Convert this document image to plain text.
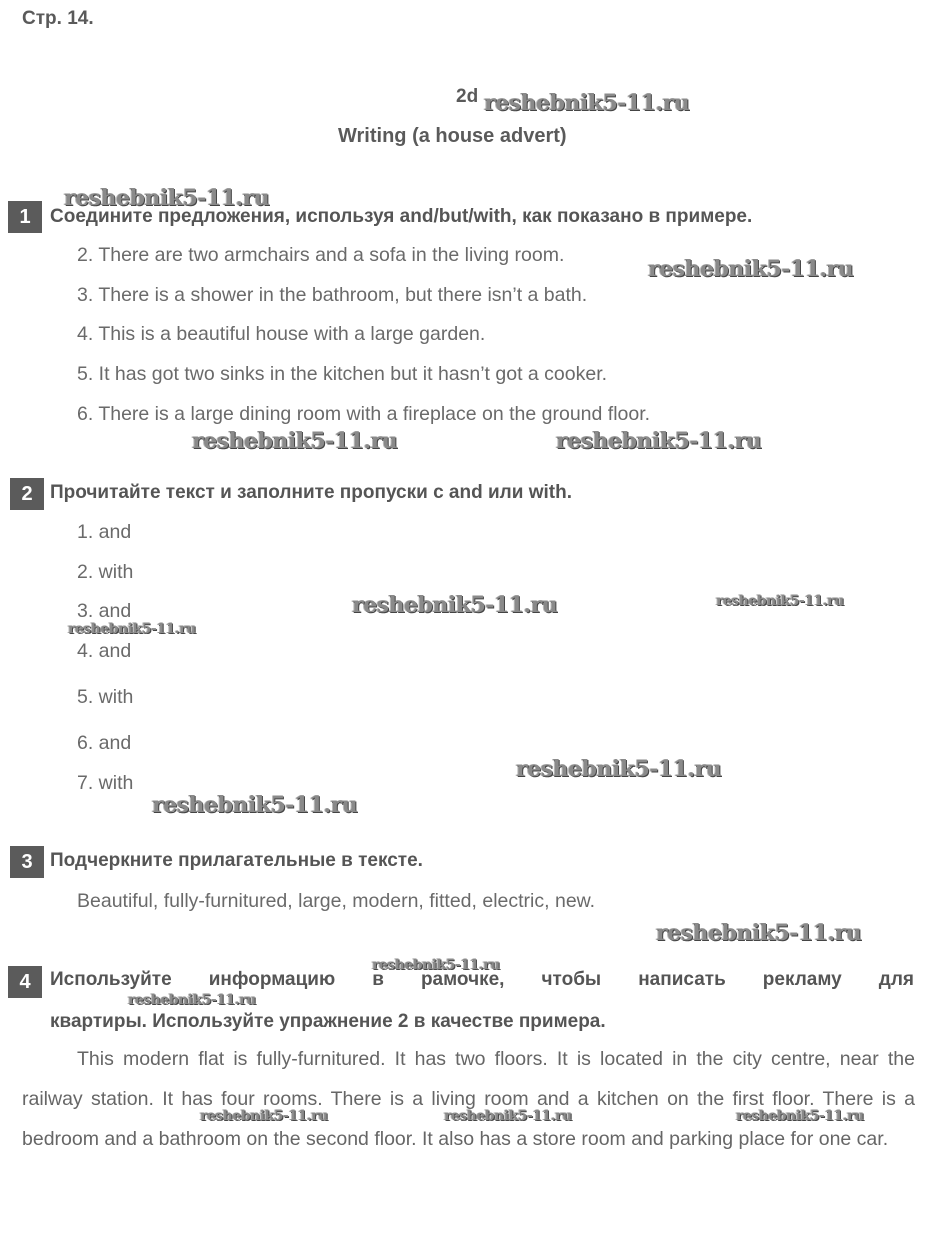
Стр. 14.
2d
Writing (a house advert)
1	Соедините предложения, используя and/but/with, как показано в примере.
2. There are two armchairs and a sofa in the living room.
3. There is a shower in the bathroom, but there isn’t a bath.
4. This is a beautiful house with a large garden.
5. It has got two sinks in the kitchen but it hasn’t got a cooker.
6. There is a large dining room with a fireplace on the ground floor.
2 Прочитайте текст и заполните пропуски с and или with.
1. and
2. with
3. and
4. and
5. with
6. and
7. with
3 Подчеркните прилагательные в тексте.
Beautiful, fully-furnitured, large, modern, fitted, electric, new.
4	Используйте информацию в рамочке, чтобы написать рекламу для
квартиры. Используйте упражнение 2 в качестве примера.
This modern flat is fully-furnitured. It has two floors. It is located in the city centre, near the railway station. It has four rooms. There is a living room and a kitchen on the first floor. There is a bedroom and a bathroom on the second floor. It also has a store room and parking place for one car.
reshebnik5-11.ru
reshebnik5-11.ru
reshebnik5-11.ru
reshebnik5-11.ru	reshebnik5-11.ru
reshebnik5-11.ru	reshebnik5-11.ru
reshebnik5-11.ru
reshebnik5-11.ru
reshebnik5-11.ru
reshebnik5-11.ru
reshebnik5-11.ru
reshebnik5-11.ru
reshebnik5-11.ru	reshebnik5-11.ru	reshebnik5-11.ru
